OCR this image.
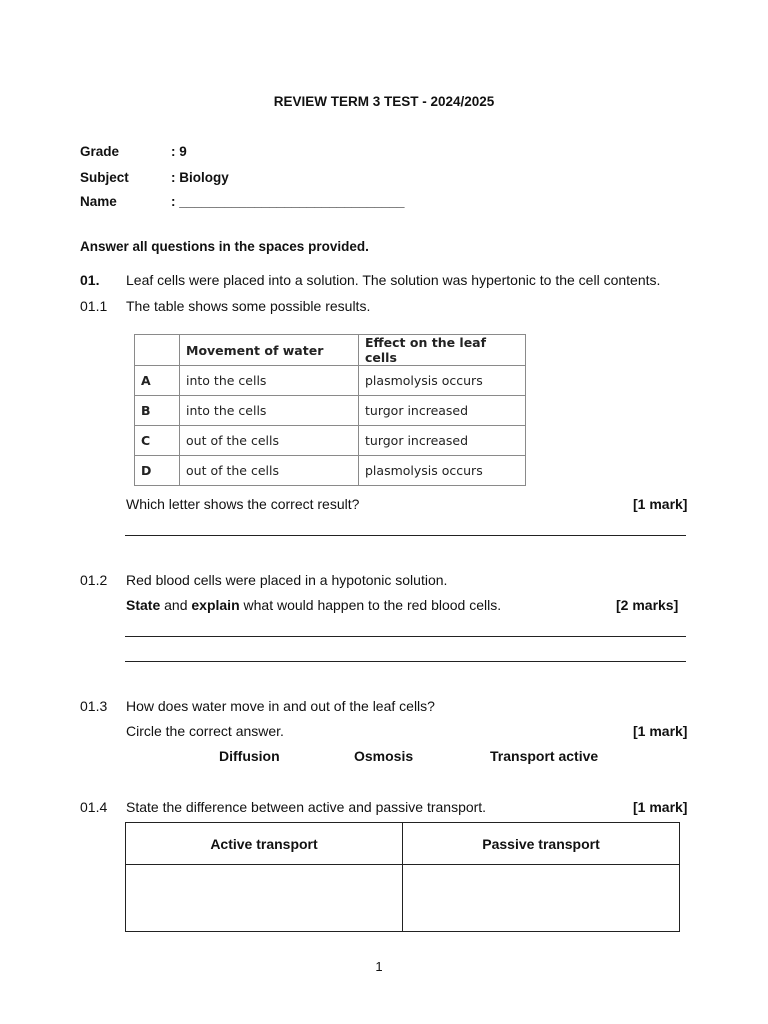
REVIEW TERM 3 TEST - 2024/2025
Grade	: 9
Subject	: Biology
Name	: ______________________________
Answer all questions in the spaces provided.
01. Leaf cells were placed into a solution. The solution was hypertonic to the cell contents.
01.1 The table shows some possible results.
	Movement of water	Effect on the leaf cells
A	into the cells	plasmolysis occurs
B	into the cells	turgor increased
C	out of the cells	turgor increased
D	out of the cells	plasmolysis occurs
Which letter shows the correct result?	[1 mark]
01.2 Red blood cells were placed in a hypotonic solution.
State and explain what would happen to the red blood cells.	[2 marks]
01.3 How does water move in and out of the leaf cells?
Circle the correct answer.	[1 mark]
Diffusion	Osmosis	Transport active
01.4 State the difference between active and passive transport.	[1 mark]
Active transport	Passive transport

1
